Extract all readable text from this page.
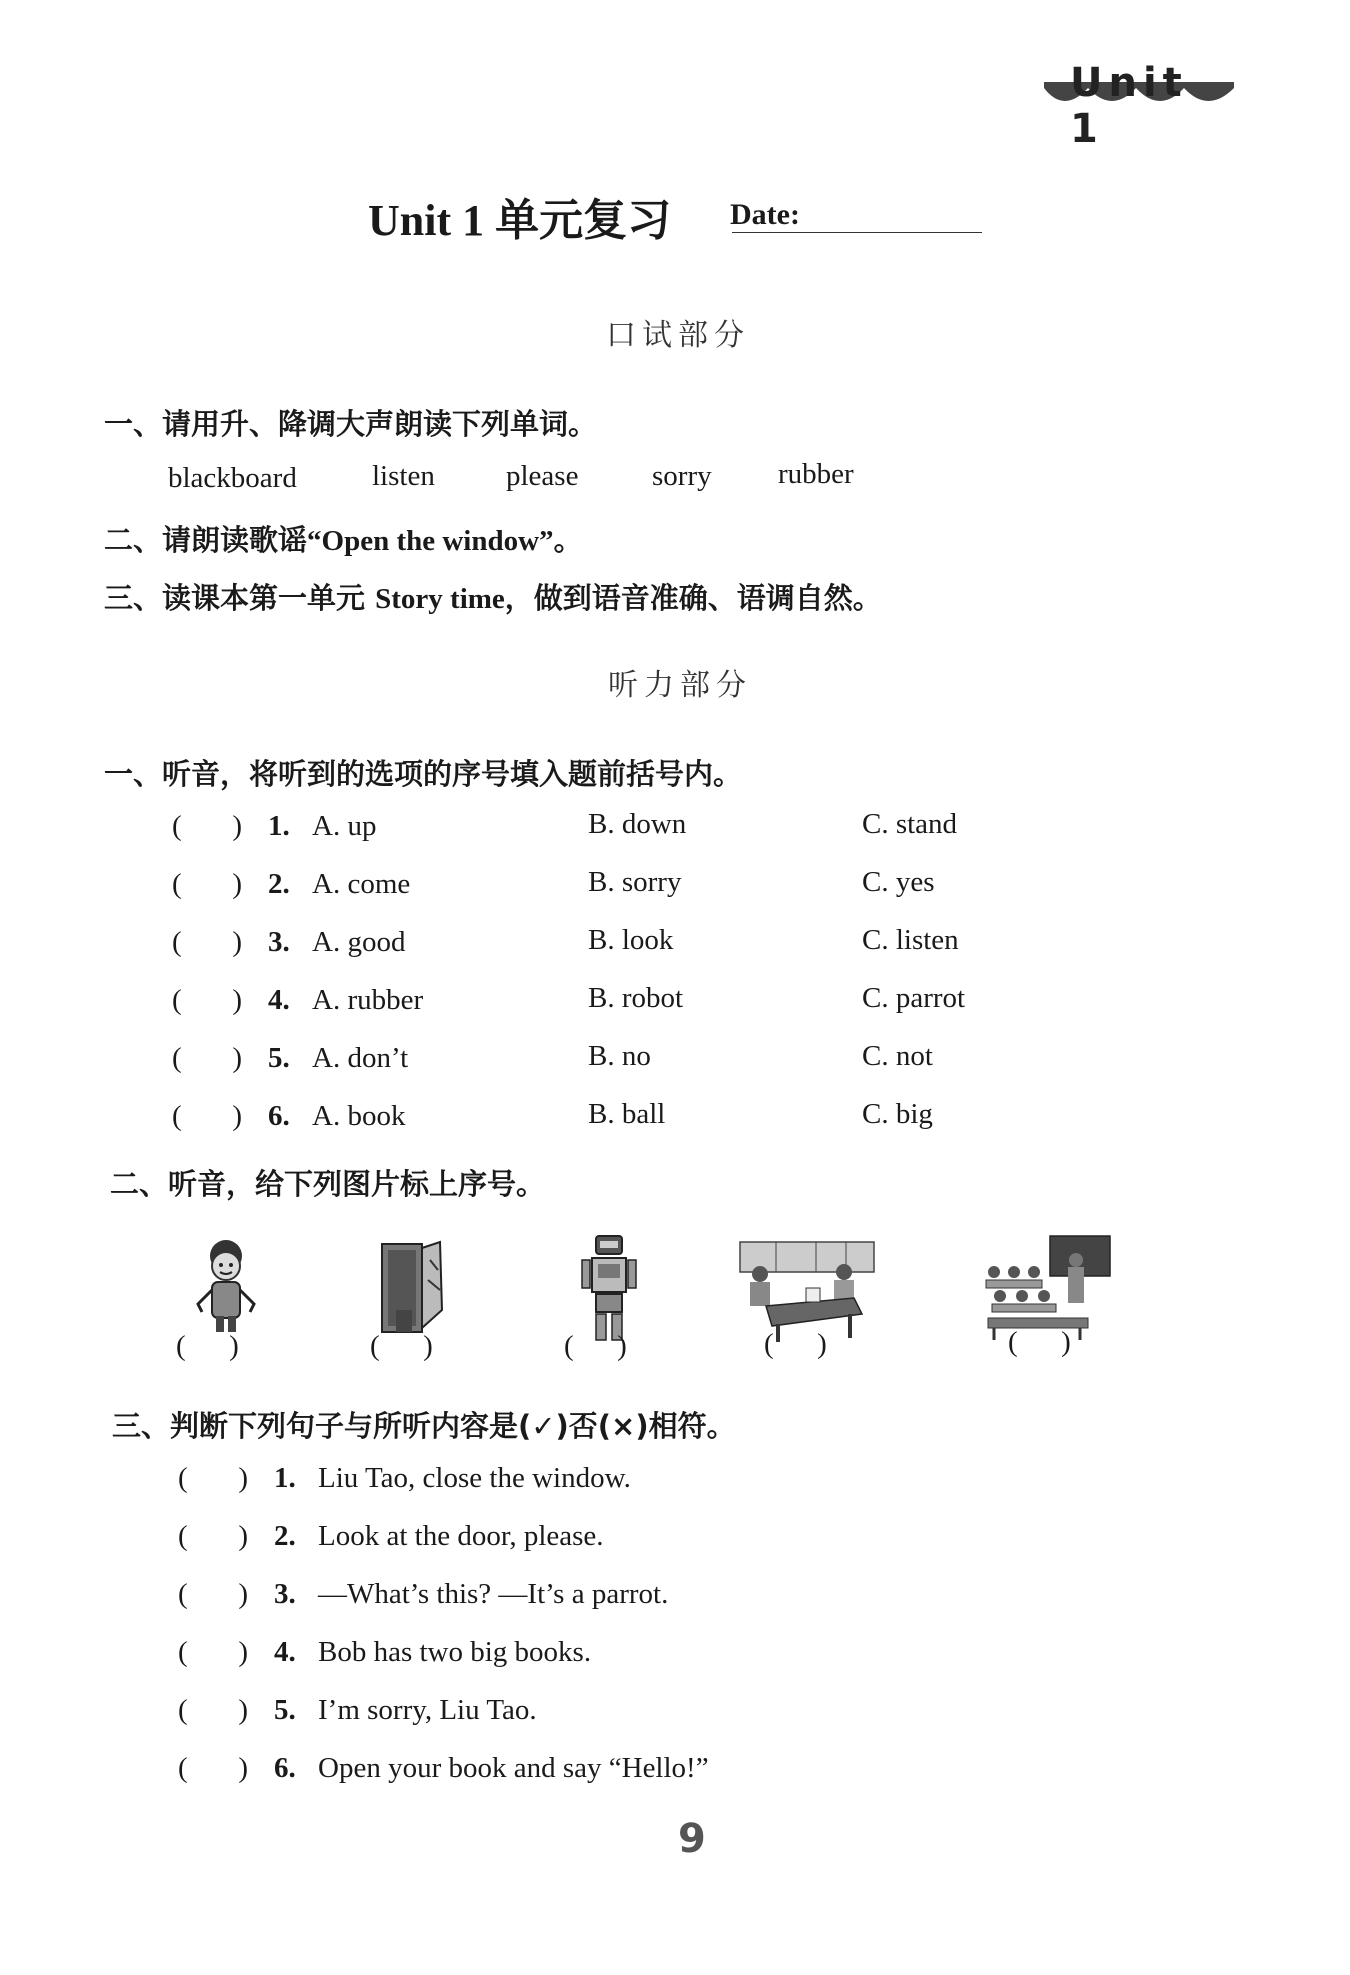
Unit 1
Unit 1 单元复习 Date:
口试部分
一、请用升、降调大声朗读下列单词。
blackboard	listen please	sorry rubber
二、请朗读歌谣“Open the window”。
三、读课本第一单元 Story time，做到语音准确、语调自然。
听力部分
一、听音，将听到的选项的序号填入题前括号内。
(       ) 1. A. up	B. down	C. stand
(       ) 2. A. come	B. sorry	C. yes
(       ) 3. A. good	B. look	C. listen
(       ) 4. A. rubber	B. robot	C. parrot
(       ) 5. A. don’t	B. no	C. not
(       ) 6. A. book	B. ball	C. big
二、听音，给下列图片标上序号。
(      )	(      )	(      )	(      )	(      )
三、判断下列句子与所听内容是(✓)否(×)相符。
(       ) 1. Liu Tao, close the window.
(       ) 2. Look at the door, please.
(       ) 3. —What’s this? —It’s a parrot.
(       ) 4. Bob has two big books.
(       ) 5. I’m sorry, Liu Tao.
(       ) 6. Open your book and say “Hello!”
9
